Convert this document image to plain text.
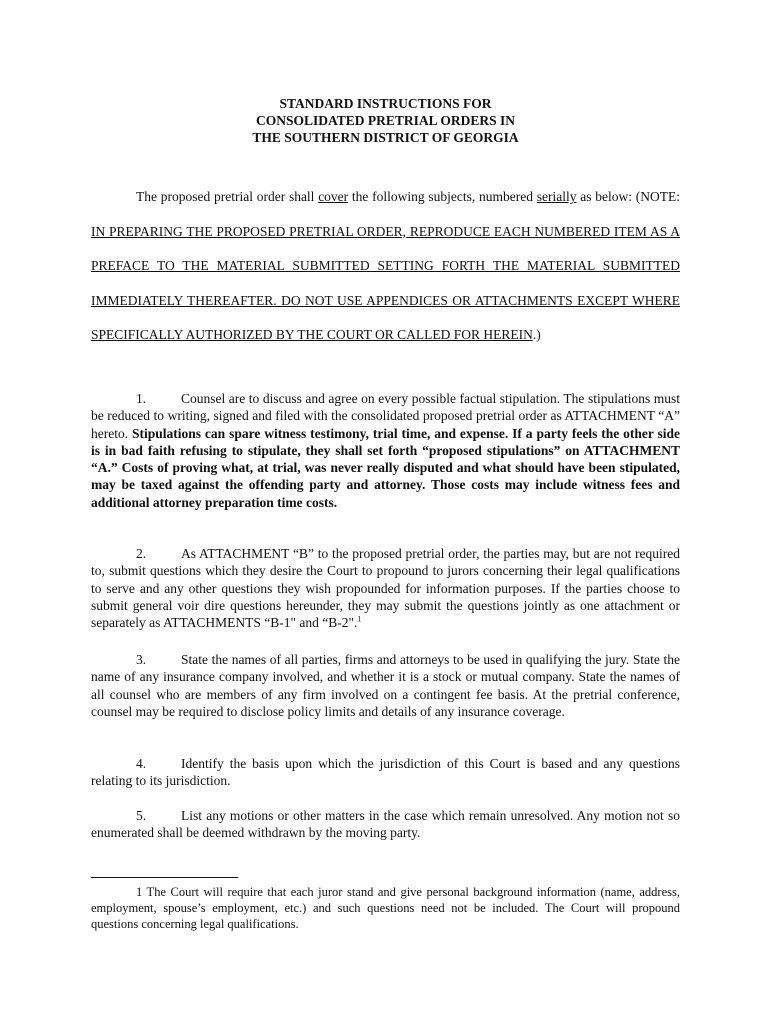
STANDARD INSTRUCTIONS FOR
CONSOLIDATED PRETRIAL ORDERS IN
THE SOUTHERN DISTRICT OF GEORGIA
The proposed pretrial order shall cover the following subjects, numbered serially as below: (NOTE: IN PREPARING THE PROPOSED PRETRIAL ORDER, REPRODUCE EACH NUMBERED ITEM AS A PREFACE TO THE MATERIAL SUBMITTED SETTING FORTH THE MATERIAL SUBMITTED IMMEDIATELY THEREAFTER. DO NOT USE APPENDICES OR ATTACHMENTS EXCEPT WHERE SPECIFICALLY AUTHORIZED BY THE COURT OR CALLED FOR HEREIN.)

1.	Counsel are to discuss and agree on every possible factual stipulation. The stipulations must be reduced to writing, signed and filed with the consolidated proposed pretrial order as ATTACHMENT “A” hereto. Stipulations can spare witness testimony, trial time, and expense. If a party feels the other side is in bad faith refusing to stipulate, they shall set forth “proposed stipulations” on ATTACHMENT “A.” Costs of proving what, at trial, was never really disputed and what should have been stipulated, may be taxed against the offending party and attorney. Those costs may include witness fees and additional attorney preparation time costs.

2.	As ATTACHMENT “B” to the proposed pretrial order, the parties may, but are not required to, submit questions which they desire the Court to propound to jurors concerning their legal qualifications to serve and any other questions they wish propounded for information purposes. If the parties choose to submit general voir dire questions hereunder, they may submit the questions jointly as one attachment or separately as ATTACHMENTS “B-1" and “B-2".$^1$

3.	State the names of all parties, firms and attorneys to be used in qualifying the jury. State the name of any insurance company involved, and whether it is a stock or mutual company. State the names of all counsel who are members of any firm involved on a contingent fee basis. At the pretrial conference, counsel may be required to disclose policy limits and details of any insurance coverage.

4.	Identify the basis upon which the jurisdiction of this Court is based and any questions relating to its jurisdiction.

5.	List any motions or other matters in the case which remain unresolved. Any motion not so enumerated shall be deemed withdrawn by the moving party.

1 The Court will require that each juror stand and give personal background information (name, address, employment, spouse’s employment, etc.) and such questions need not be included. The Court will propound questions concerning legal qualifications.
